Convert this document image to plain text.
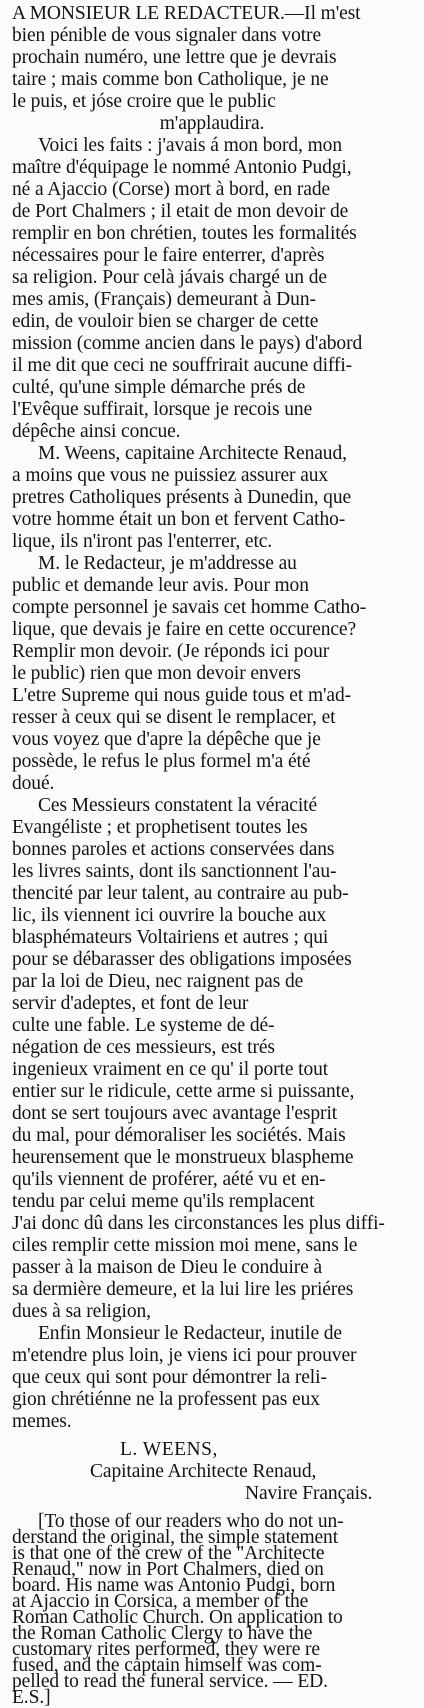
A MONSIEUR LE REDACTEUR.—Il m'est
bien pénible de vous signaler dans votre
prochain numéro, une lettre que je devrais
taire ; mais comme bon Catholique, je ne
le puis, et jóse croire que le public
m'applaudira.
Voici les faits : j'avais á mon bord, mon
maître d'équipage le nommé Antonio Pudgi,
né a Ajaccio (Corse) mort à bord, en rade
de Port Chalmers ; il etait de mon devoir de
remplir en bon chrétien, toutes les formalités
nécessaires pour le faire enterrer, d'après
sa religion. Pour celà jávais chargé un de
mes amis, (Français) demeurant à Dun-
edin, de vouloir bien se charger de cette
mission (comme ancien dans le pays) d'abord
il me dit que ceci ne souffrirait aucune diffi-
culté, qu'une simple démarche prés de
l'Evêque suffirait, lorsque je recois une
dépêche ainsi concue.
M. Weens, capitaine Architecte Renaud,
a moins que vous ne puissiez assurer aux
pretres Catholiques présents à Dunedin, que
votre homme était un bon et fervent Catho-
lique, ils n'iront pas l'enterrer, etc.
M. le Redacteur, je m'addresse au
public et demande leur avis. Pour mon
compte personnel je savais cet homme Catho-
lique, que devais je faire en cette occurence?
Remplir mon devoir. (Je réponds ici pour
le public) rien que mon devoir envers
L'etre Supreme qui nous guide tous et m'ad-
resser à ceux qui se disent le remplacer, et
vous voyez que d'apre la dépêche que je
possède, le refus le plus formel m'a été
doué.
Ces Messieurs constatent la véracité
Evangéliste ; et prophetisent toutes les
bonnes paroles et actions conservées dans
les livres saints, dont ils sanctionnent l'au-
thencité par leur talent, au contraire au pub-
lic, ils viennent ici ouvrire la bouche aux
blasphémateurs Voltairiens et autres ; qui
pour se débarasser des obligations imposées
par la loi de Dieu, nec raignent pas de
servir d'adeptes, et font de leur
culte une fable. Le systeme de dé-
négation de ces messieurs, est trés
ingenieux vraiment en ce qu' il porte tout
entier sur le ridicule, cette arme si puissante,
dont se sert toujours avec avantage l'esprit
du mal, pour démoraliser les sociétés. Mais
heurensement que le monstrueux blaspheme
qu'ils viennent de proférer, aété vu et en-
tendu par celui meme qu'ils remplacent
J'ai donc dû dans les circonstances les plus diffi-
ciles remplir cette mission moi mene, sans le
passer à la maison de Dieu le conduire à
sa dermière demeure, et la lui lire les priéres
dues à sa religion,
Enfin Monsieur le Redacteur, inutile de
m'etendre plus loin, je viens ici pour prouver
que ceux qui sont pour démontrer la reli-
gion chrétiénne ne la professent pas eux
memes.
L. WEENS,
Capitaine Architecte Renaud,
Navire Français.
[To those of our readers who do not un-
derstand the original, the simple statement
is that one of the crew of the "Architecte
Renaud," now in Port Chalmers, died on
board. His name was Antonio Pudgi, born
at Ajaccio in Corsica, a member of the
Roman Catholic Church. On application to
the Roman Catholic Clergy to have the
customary rites performed, they were re
fused, and the captain himself was com-
pelled to read the funeral service. — ED.
E.S.]
